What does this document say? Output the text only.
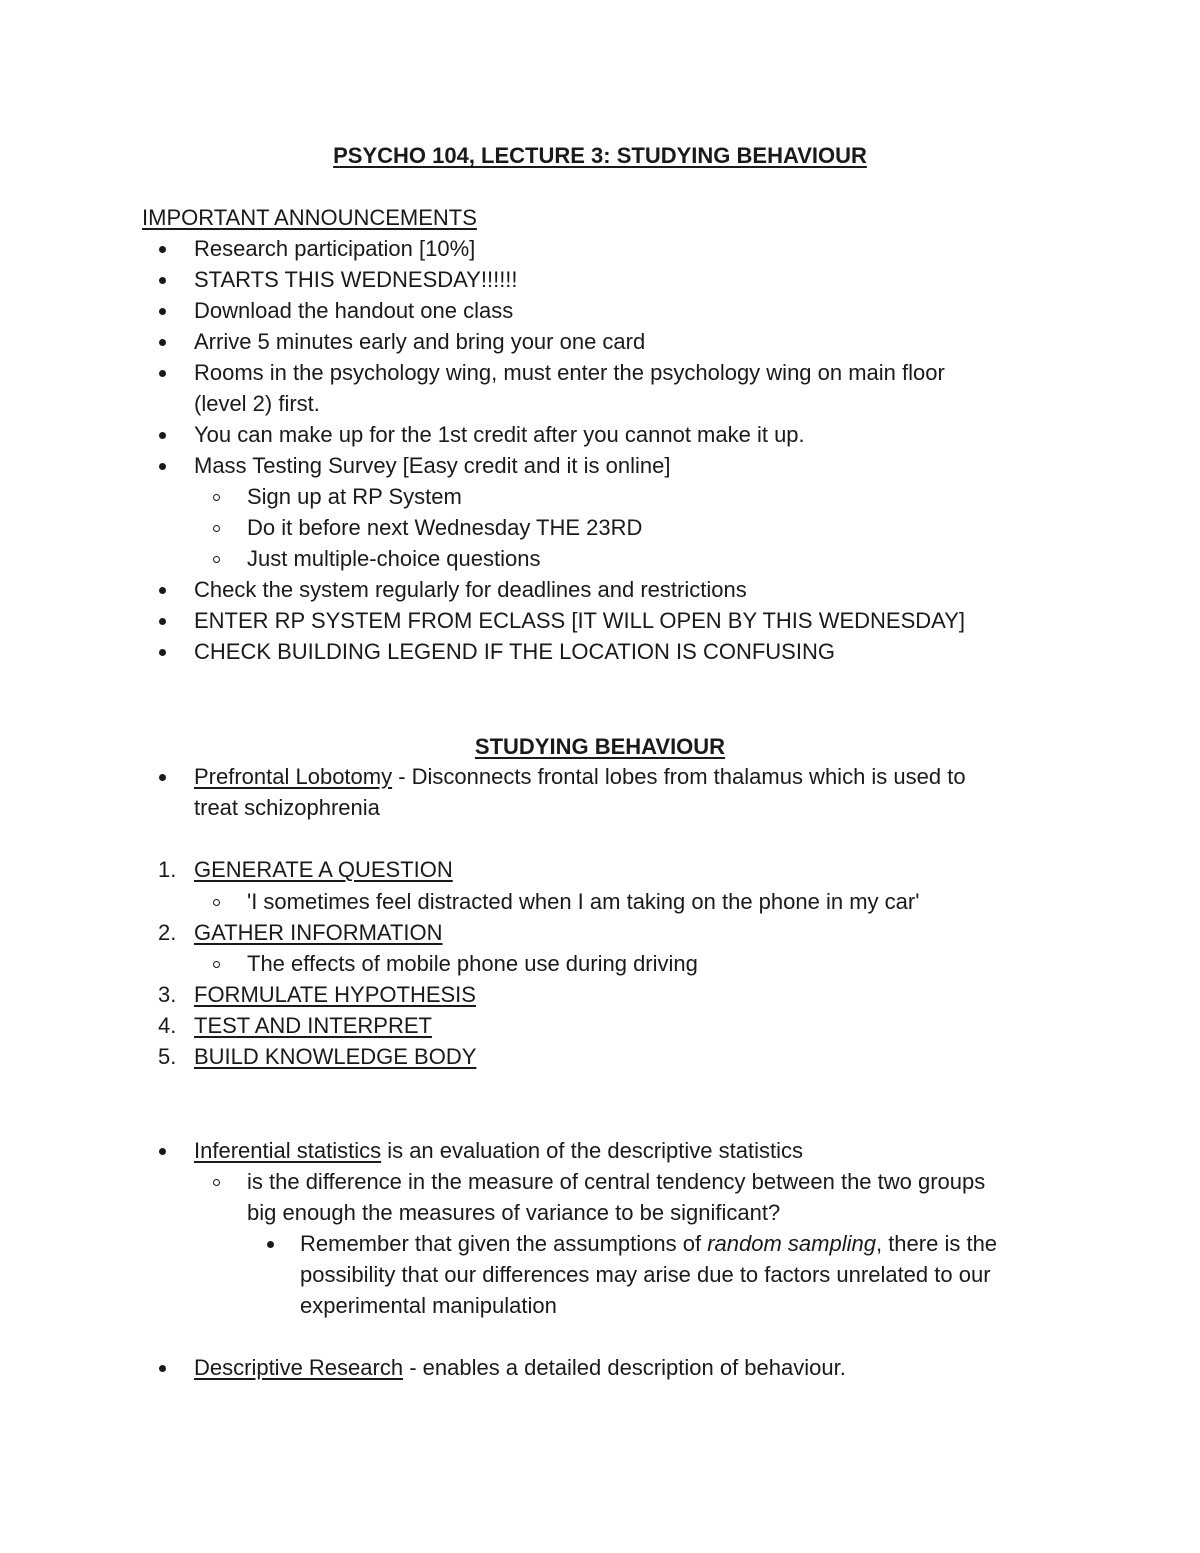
PSYCHO 104, LECTURE 3: STUDYING BEHAVIOUR
IMPORTANT ANNOUNCEMENTS
Research participation [10%]
STARTS THIS WEDNESDAY!!!!!!
Download the handout one class
Arrive 5 minutes early and bring your one card
Rooms in the psychology wing, must enter the psychology wing on main floor
(level 2) first.
You can make up for the 1st credit after you cannot make it up.
Mass Testing Survey [Easy credit and it is online]
Sign up at RP System
Do it before next Wednesday THE 23RD
Just multiple-choice questions
Check the system regularly for deadlines and restrictions
ENTER RP SYSTEM FROM ECLASS [IT WILL OPEN BY THIS WEDNESDAY]
CHECK BUILDING LEGEND IF THE LOCATION IS CONFUSING
STUDYING BEHAVIOUR
Prefrontal Lobotomy - Disconnects frontal lobes from thalamus which is used to
treat schizophrenia
1. GENERATE A QUESTION
'I sometimes feel distracted when I am taking on the phone in my car'
2. GATHER INFORMATION
The effects of mobile phone use during driving
3. FORMULATE HYPOTHESIS
4. TEST AND INTERPRET
5. BUILD KNOWLEDGE BODY
Inferential statistics is an evaluation of the descriptive statistics
is the difference in the measure of central tendency between the two groups
big enough the measures of variance to be significant?
Remember that given the assumptions of random sampling, there is the
possibility that our differences may arise due to factors unrelated to our
experimental manipulation
Descriptive Research - enables a detailed description of behaviour.
